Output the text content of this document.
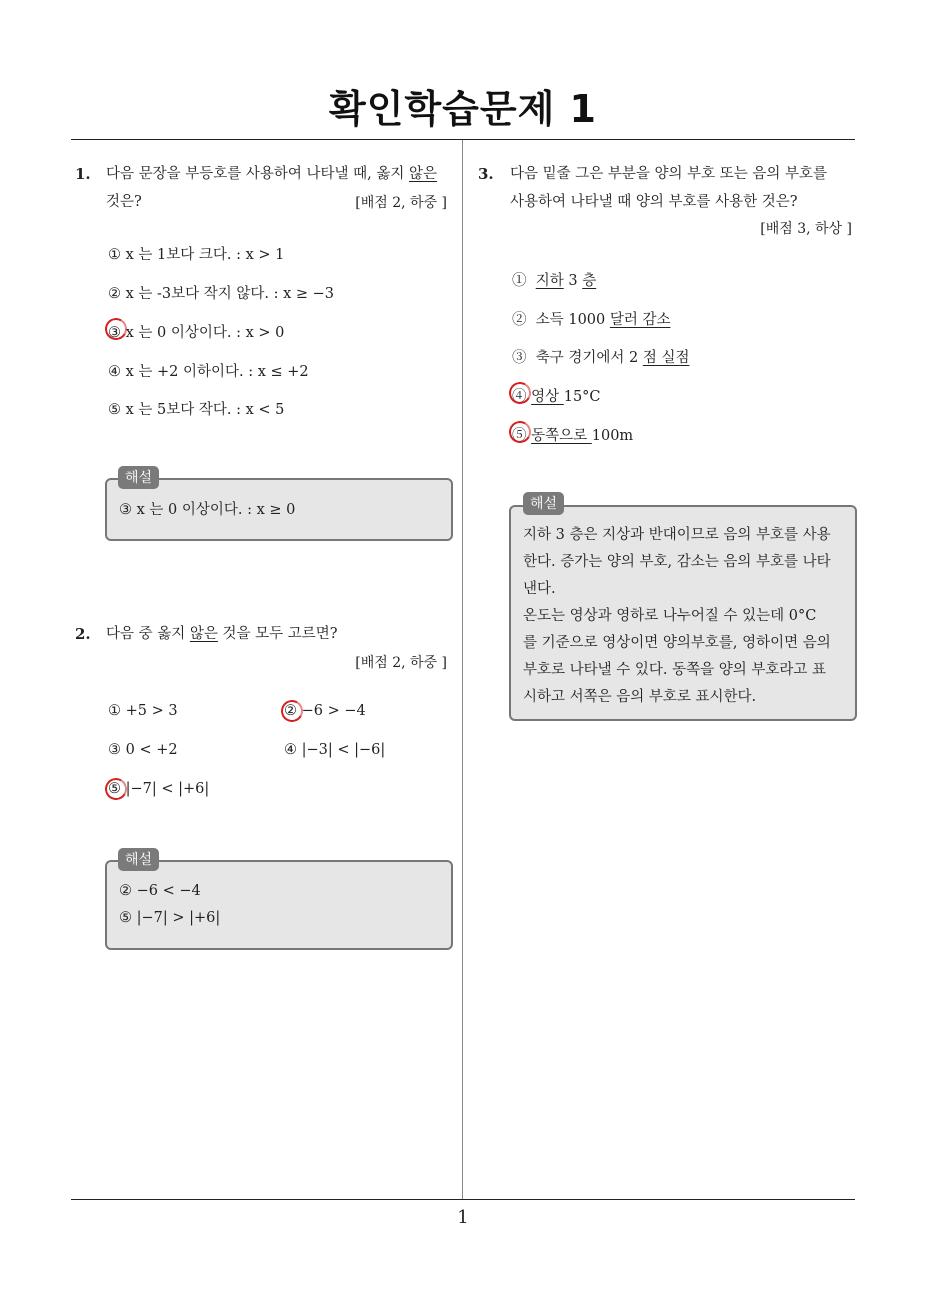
확인학습문제 1
1
1. 다음 문장을 부등호를 사용하여 나타낼 때, 옳지 않은
것은?	[배점 2, 하중 ]
① x 는 1보다 크다. : x > 1
② x 는 -3보다 작지 않다. : x ≥ −3
③ x 는 0 이상이다. : x > 0
④ x 는 +2 이하이다. : x ≤ +2
⑤ x 는 5보다 작다. : x < 5
③ x 는 0 이상이다. : x ≥ 0
해설
2. 다음 중 옳지 않은 것을 모두 고르면?
[배점 2, 하중 ]
① +5 > 3	② −6 > −4
③ 0 < +2	④ |−3| < |−6|
⑤ |−7| < |+6|
② −6 < −4
⑤ |−7| > |+6|
해설
3. 다음 밑줄 그은 부분을 양의 부호 또는 음의 부호를
사용하여 나타낼 때 양의 부호를 사용한 것은?
[배점 3, 하상 ]
① 지하 3 층
② 소득 1000 달러 감소
③ 축구 경기에서 2 점 실점
④ 영상 15°C
⑤ 동쪽으로 100m
지하 3 층은 지상과 반대이므로 음의 부호를 사용
한다. 증가는 양의 부호, 감소는 음의 부호를 나타
낸다.
온도는 영상과 영하로 나누어질 수 있는데 0°C
를 기준으로 영상이면 양의부호를, 영하이면 음의
부호로 나타낼 수 있다. 동쪽을 양의 부호라고 표
시하고 서쪽은 음의 부호로 표시한다.
해설
